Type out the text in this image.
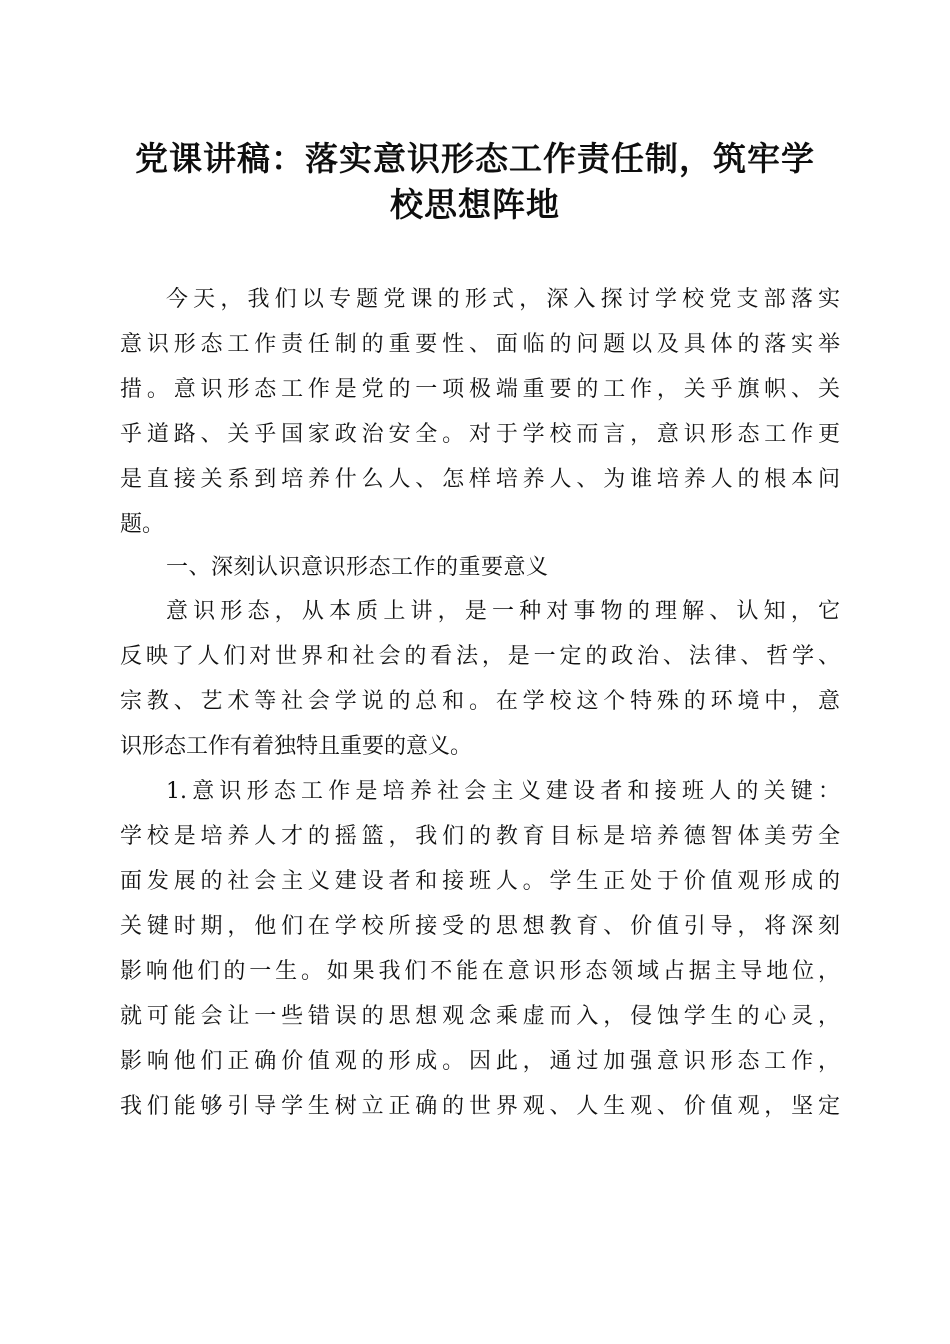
党课讲稿：落实意识形态工作责任制，筑牢学
校思想阵地
今天，我们以专题党课的形式，深入探讨学校党支部落实
意识形态工作责任制的重要性、面临的问题以及具体的落实举
措。意识形态工作是党的一项极端重要的工作，关乎旗帜、关
乎道路、关乎国家政治安全。对于学校而言，意识形态工作更
是直接关系到培养什么人、怎样培养人、为谁培养人的根本问
题。
一、深刻认识意识形态工作的重要意义
意识形态，从本质上讲，是一种对事物的理解、认知，它
反映了人们对世界和社会的看法，是一定的政治、法律、哲学、
宗教、艺术等社会学说的总和。在学校这个特殊的环境中，意
识形态工作有着独特且重要的意义。
1.意识形态工作是培养社会主义建设者和接班人的关键：
学校是培养人才的摇篮，我们的教育目标是培养德智体美劳全
面发展的社会主义建设者和接班人。学生正处于价值观形成的
关键时期，他们在学校所接受的思想教育、价值引导，将深刻
影响他们的一生。如果我们不能在意识形态领域占据主导地位，
就可能会让一些错误的思想观念乘虚而入，侵蚀学生的心灵，
影响他们正确价值观的形成。因此，通过加强意识形态工作，
我们能够引导学生树立正确的世界观、人生观、价值观，坚定
